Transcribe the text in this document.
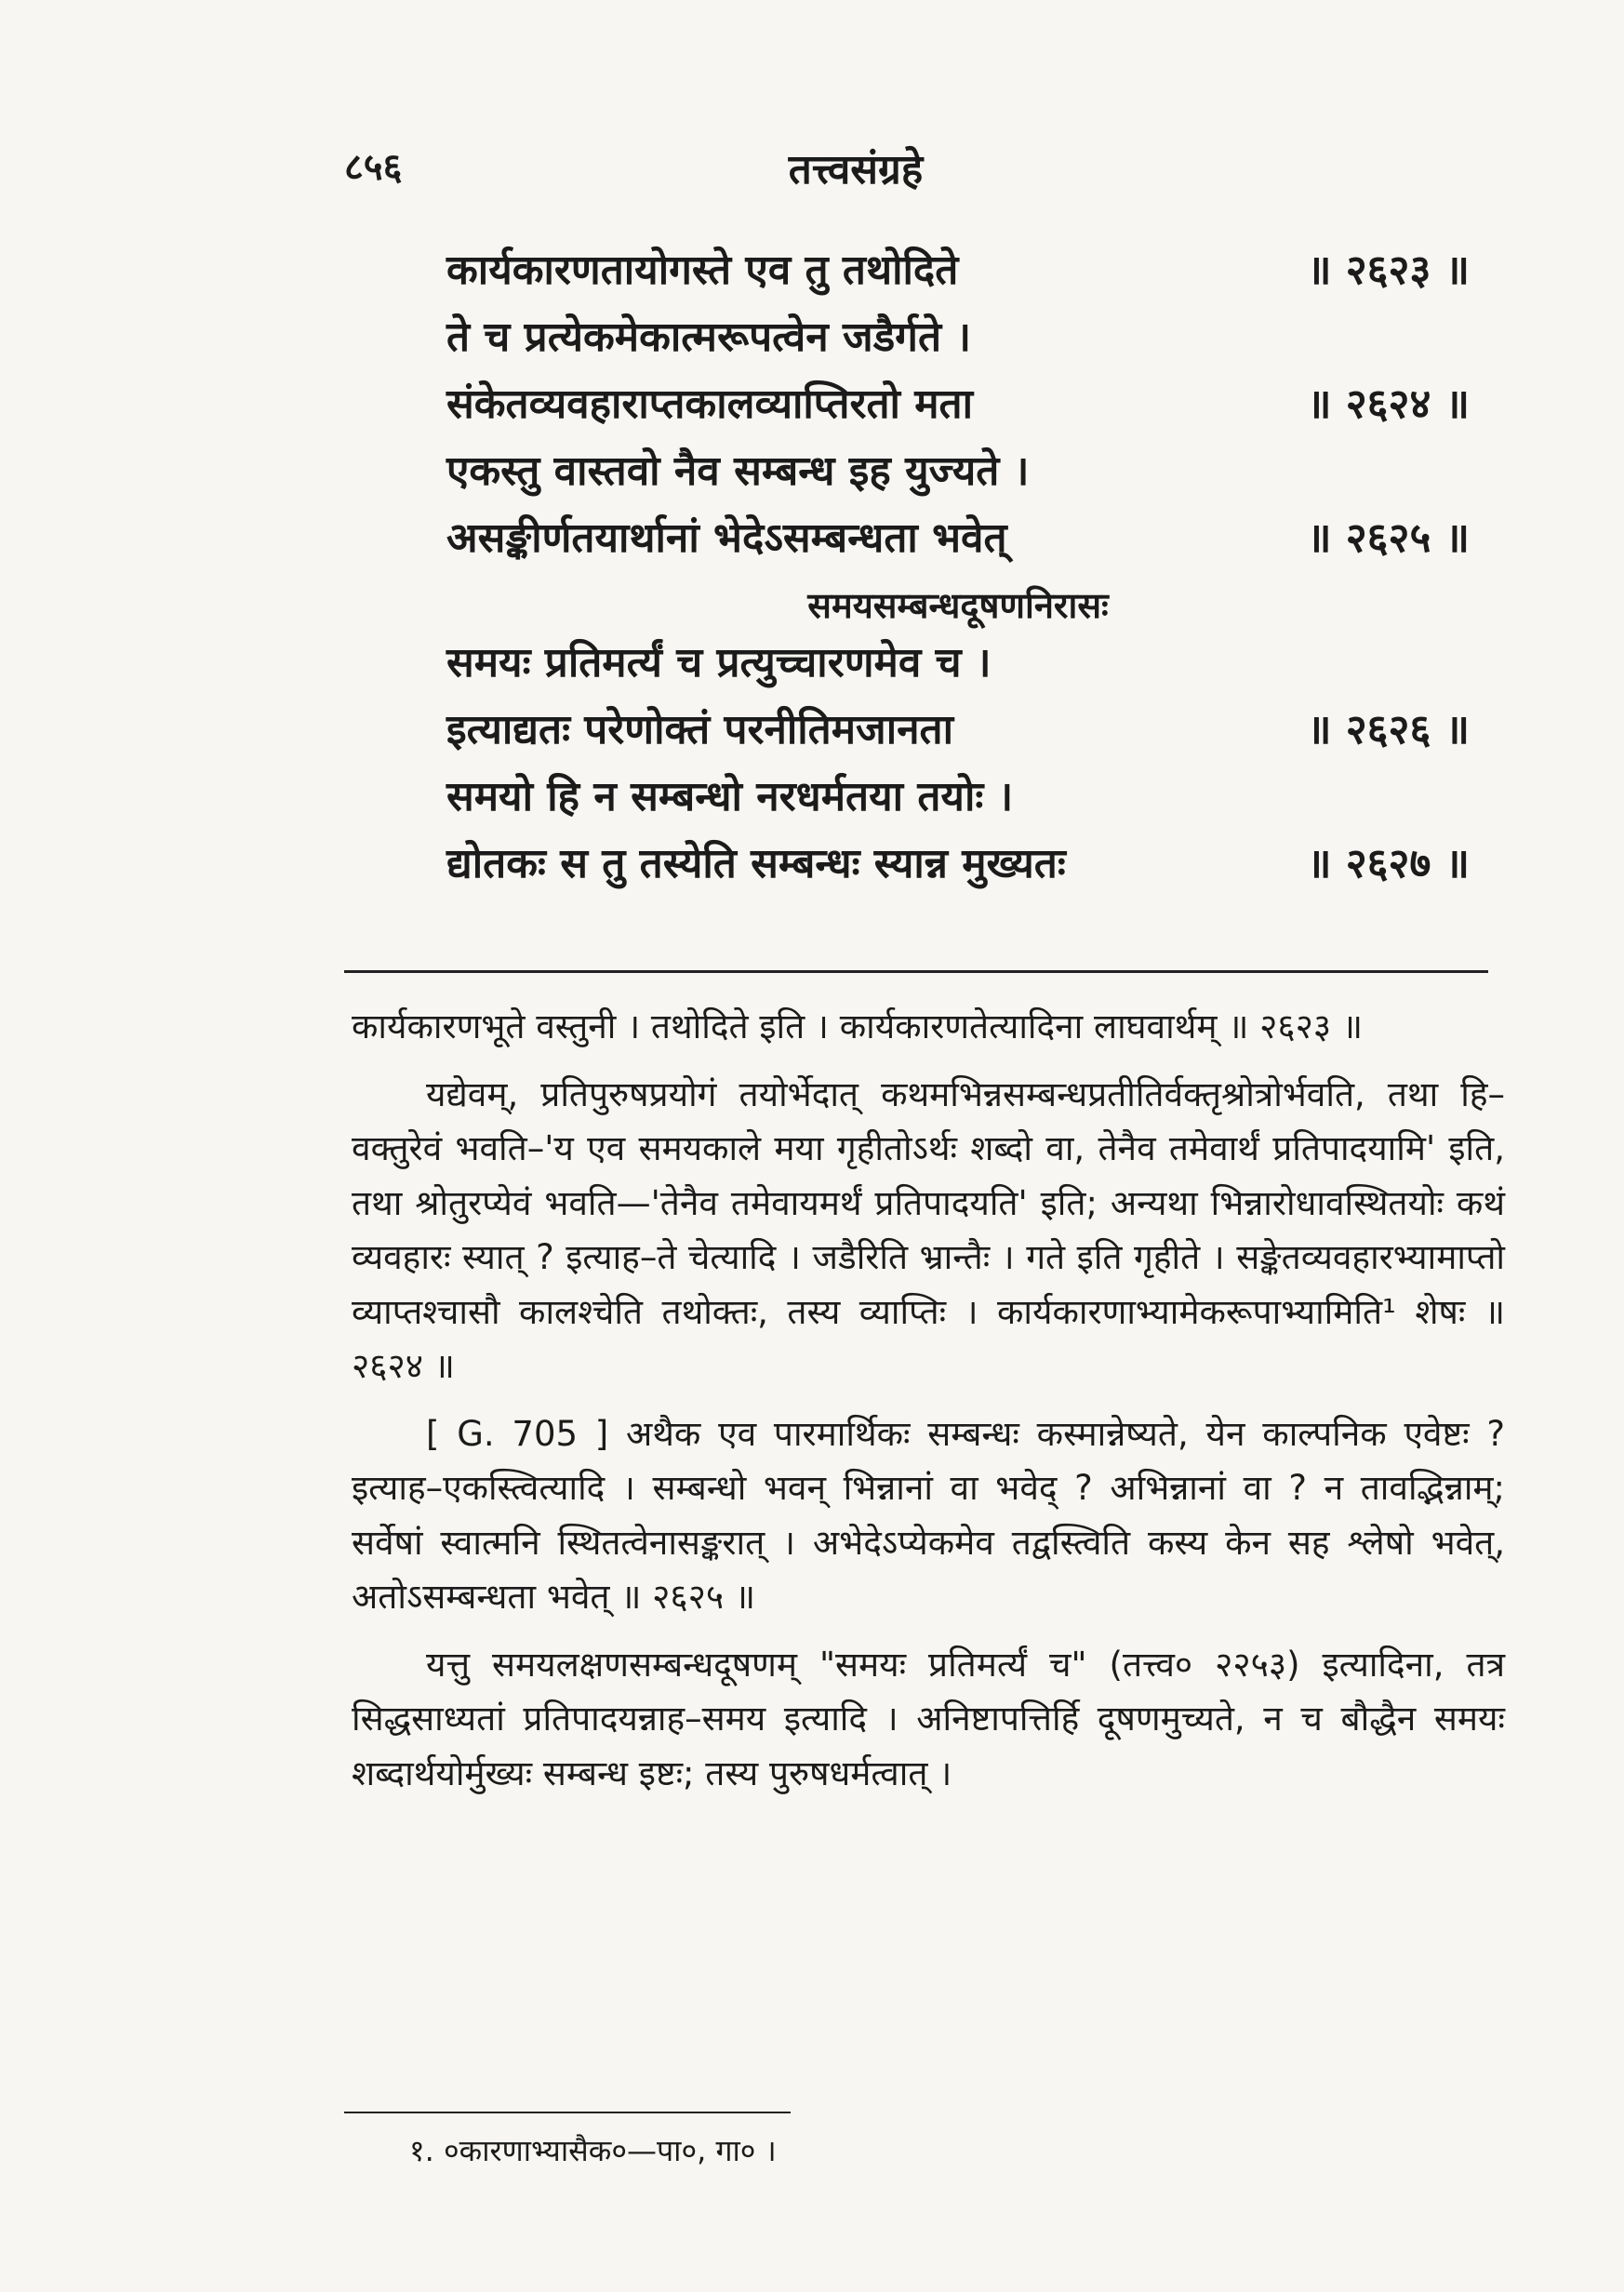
८५६	तत्त्वसंग्रहे
कार्यकारणतायोगस्ते एव तु तथोदिते	॥ २६२३ ॥
ते च प्रत्येकमेकात्मरूपत्वेन जडैर्गते ।
संकेतव्यवहाराप्तकालव्याप्तिरतो मता	॥ २६२४ ॥
एकस्तु वास्तवो नैव सम्बन्ध इह युज्यते ।
असङ्कीर्णतयार्थानां भेदेऽसम्बन्धता भवेत्	॥ २६२५ ॥
समयसम्बन्धदूषणनिरासः
समयः प्रतिमर्त्यं च प्रत्युच्चारणमेव च ।
इत्याद्यतः परेणोक्तं परनीतिमजानता	॥ २६२६ ॥
समयो हि न सम्बन्धो नरधर्मतया तयोः ।
द्योतकः स तु तस्येति सम्बन्धः स्यान्न मुख्यतः	॥ २६२७ ॥

कार्यकारणभूते वस्तुनी । तथोदिते इति । कार्यकारणतेत्यादिना लाघवार्थम् ॥ २६२३ ॥

यद्येवम्, प्रतिपुरुषप्रयोगं तयोर्भेदात् कथमभिन्नसम्बन्धप्रतीतिर्वक्तृश्रोत्रोर्भवति, तथा हि–वक्तुरेवं भवति–'य एव समयकाले मया गृहीतोऽर्थः शब्दो वा, तेनैव तमेवार्थं प्रतिपादयामि' इति, तथा श्रोतुरप्येवं भवति—'तेनैव तमेवायमर्थं प्रतिपादयति' इति; अन्यथा भिन्नारोधावस्थितयोः कथं व्यवहारः स्यात् ? इत्याह–ते चेत्यादि । जडैरिति भ्रान्तैः । गते इति गृहीते । सङ्केतव्यवहारभ्यामाप्तो व्याप्तश्चासौ कालश्चेति तथोक्तः, तस्य व्याप्तिः । कार्यकारणाभ्यामेकरूपाभ्यामिति¹ शेषः ॥ २६२४ ॥

[ G. 705 ] अथैक एव पारमार्थिकः सम्बन्धः कस्मान्नेष्यते, येन काल्पनिक एवेष्टः ? इत्याह–एकस्त्वित्यादि । सम्बन्धो भवन् भिन्नानां वा भवेद् ? अभिन्नानां वा ? न तावद्भिन्नाम्; सर्वेषां स्वात्मनि स्थितत्वेनासङ्करात् । अभेदेऽप्येकमेव तद्वस्त्विति कस्य केन सह श्लेषो भवेत्, अतोऽसम्बन्धता भवेत् ॥ २६२५ ॥

यत्तु समयलक्षणसम्बन्धदूषणम् "समयः प्रतिमर्त्यं च" (तत्त्व० २२५३) इत्यादिना, तत्र सिद्धसाध्यतां प्रतिपादयन्नाह–समय इत्यादि । अनिष्टापत्तिर्हि दूषणमुच्यते, न च बौद्धैन समयः शब्दार्थयोर्मुख्यः सम्बन्ध इष्टः; तस्य पुरुषधर्मत्वात् ।

१. ०कारणाभ्यासैक०—पा०, गा० ।
